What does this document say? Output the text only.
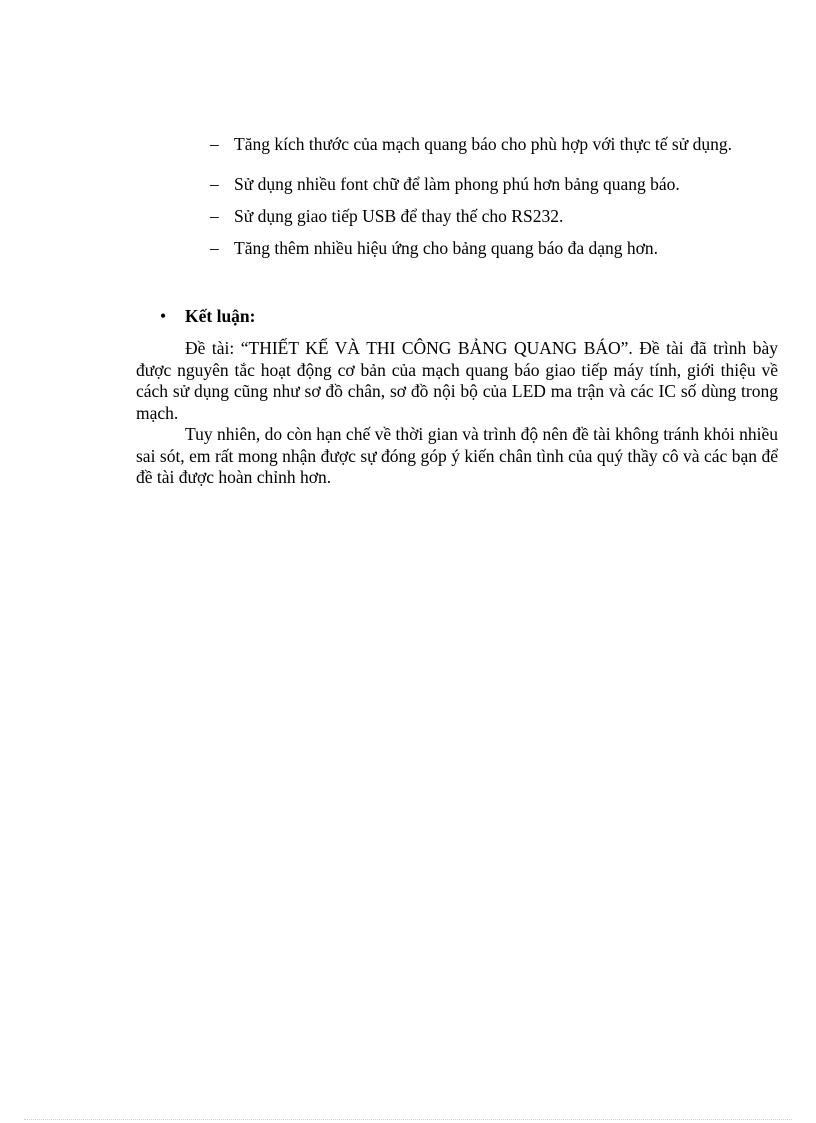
– Tăng kích thước của mạch quang báo cho phù hợp với thực tế sử dụng.
– Sử dụng nhiều font chữ để làm phong phú hơn bảng quang báo.
– Sử dụng giao tiếp USB để thay thế cho RS232.
– Tăng thêm nhiều hiệu ứng cho bảng quang báo đa dạng hơn.
• Kết luận:

Đề tài: “THIẾT KẾ VÀ THI CÔNG BẢNG QUANG BÁO”. Đề tài đã trình bày được nguyên tắc hoạt động cơ bản của mạch quang báo giao tiếp máy tính, giới thiệu về cách sử dụng cũng như sơ đồ chân, sơ đồ nội bộ của LED ma trận và các IC số dùng trong mạch.

Tuy nhiên, do còn hạn chế về thời gian và trình độ nên đề tài không tránh khỏi nhiều sai sót, em rất mong nhận được sự đóng góp ý kiến chân tình của quý thầy cô và các bạn để đề tài được hoàn chỉnh hơn.
